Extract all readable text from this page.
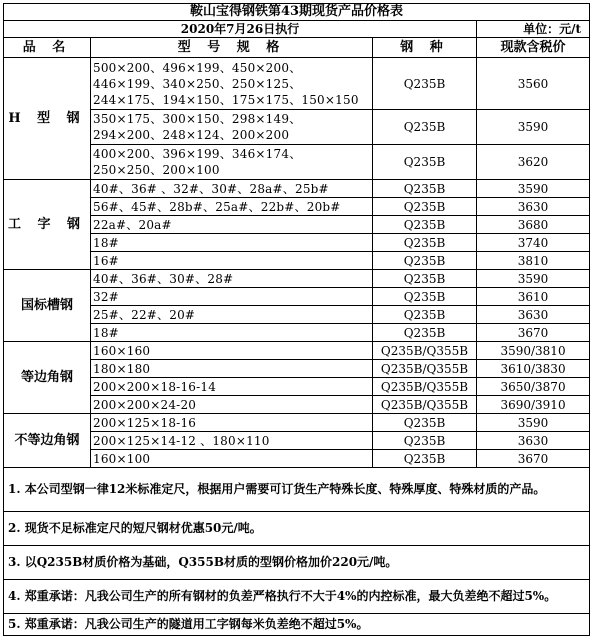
鞍山宝得钢铁第43期现货产品价格表			
2020年7月26日执行			单位：元/t
品 名	型 号 规 格	钢 种	现款含税价
H 型 钢	500×200、496×199、450×200、446×199、340×250、250×125、244×175、194×150、175×175、150×150	Q235B	3560
	350×175、300×150、298×149、294×200、248×124、200×200	Q235B	3590
	400×200、396×199、346×174、250×250、200×100	Q235B	3620
工 字 钢	40#、36# 、32#、30#、28a#、25b#	Q235B	3590
	56#、45#、28b#、25a#、22b#、20b#	Q235B	3630
	22a#、20a#	Q235B	3680
	18#	Q235B	3740
	16#	Q235B	3810
国标槽钢	40#、36#、30#、28#	Q235B	3590
	32#	Q235B	3610
	25#、22#、20#	Q235B	3630
	18#	Q235B	3670
等边角钢	160×160	Q235B/Q355B	3590/3810
	180×180	Q235B/Q355B	3610/3830
	200×200×18-16-14	Q235B/Q355B	3650/3870
	200×200×24-20	Q235B/Q355B	3690/3910
不等边角钢	200×125×18-16	Q235B	3590
	200×125×14-12 、180×110	Q235B	3630
	160×100	Q235B	3670
1. 本公司型钢一律12米标准定尺，根据用户需要可订货生产特殊长度、特殊厚度、特殊材质的产品。			
2. 现货不足标准定尺的短尺钢材优惠50元/吨。			
3. 以Q235B材质价格为基础，Q355B材质的型钢价格加价220元/吨。			
4. 郑重承诺：凡我公司生产的所有钢材的负差严格执行不大于4%的内控标准，最大负差绝不超过5%。			
5. 郑重承诺：凡我公司生产的隧道用工字钢每米负差绝不超过5%。			
